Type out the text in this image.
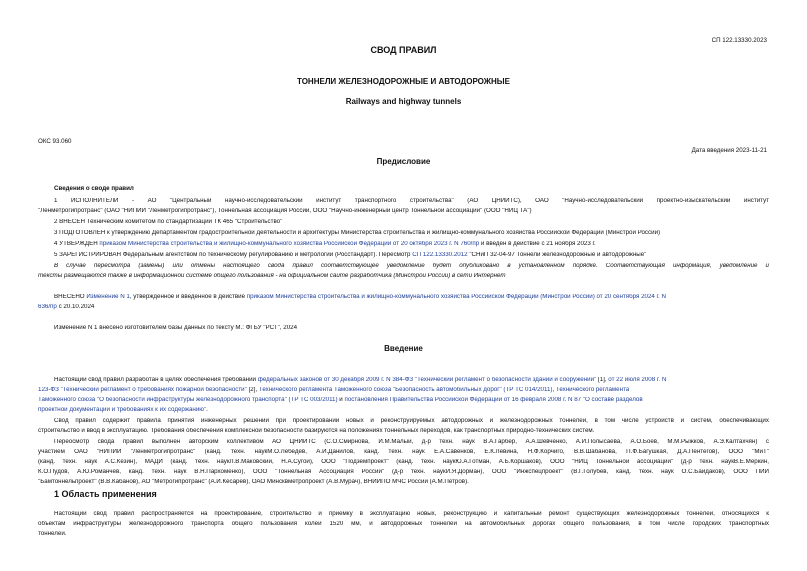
СП 122.13330.2023
СВОД ПРАВИЛ
ТОННЕЛИ ЖЕЛЕЗНОДОРОЖНЫЕ И АВТОДОРОЖНЫЕ
Railways and highway tunnels
ОКС 93.060
Дата введения 2023-11-21
Предисловие
Сведения о своде правил
1 ИСПОЛНИТЕЛИ - АО "Центральный научно-исследовательский институт транспортного строительства" (АО ЦНИИТС), ОАО "Научно-исследовательский проектно-изыскательский институт
"Ленметрогипротранс" (ОАО "НИПИИ "Ленметрогипротранс"), Тоннельная ассоциация России, ООО "Научно-инженерный центр Тоннельной ассоциации" (ООО "НИЦ ТА")
2 ВНЕСЕН Техническим комитетом по стандартизации ТК 465 "Строительство"
3 ПОДГОТОВЛЕН к утверждению Департаментом градостроительной деятельности и архитектуры Министерства строительства и жилищно-коммунального хозяйства Российской Федерации (Минстрой России)
4 УТВЕРЖДЕН приказом Министерства строительства и жилищно-коммунального хозяйства Российской Федерации от 20 октября 2023 г. N 760/пр и введен в действие с 21 ноября 2023 г.
5 ЗАРЕГИСТРИРОВАН Федеральным агентством по техническому регулированию и метрологии (Росстандарт). Пересмотр СП 122.13330.2012 "СНиП 32-04-97 Тоннели железнодорожные и автодорожные"
В случае пересмотра (замены) или отмены настоящего свода правил соответствующее уведомление будет опубликовано в установленном порядке. Соответствующая информация, уведомление и
тексты размещаются также в информационной системе общего пользования - на официальном сайте разработчика (Минстрой России) в сети Интернет
ВНЕСЕНО Изменение N 1, утвержденное и введенное в действие приказом Министерства строительства и жилищно-коммунального хозяйства Российской Федерации (Минстрой России) от 20 сентября 2024 г. N
636/пр с 20.10.2024
Изменение N 1 внесено изготовителем базы данных по тексту М.: ФГБУ "РСТ", 2024
Введение
Настоящий свод правил разработан в целях обеспечения требований федеральных законов от 30 декабря 2009 г. N 384-ФЗ "Технический регламент о безопасности зданий и сооружений" [1], от 22 июля 2008 г. N
123-ФЗ "Технический регламент о требованиях пожарной безопасности" [2], Технического регламента Таможенного союза "Безопасность автомобильных дорог" (ТР ТС 014/2011), Технического регламента
Таможенного союза "О безопасности инфраструктуры железнодорожного транспорта" (ТР ТС 003/2011) и постановления Правительства Российской Федерации от 16 февраля 2008 г. N 87 "О составе разделов
проектной документации и требованиях к их содержанию".
Свод правил содержит правила принятия инженерных решений при проектировании новых и реконструируемых автодорожных и железнодорожных тоннелей, в том числе устройств и систем, обеспечивающих
строительство и ввод в эксплуатацию. Требования обеспечения комплексной безопасности базируются на положениях тоннельных переходов, как транспортных природно-технических систем.
Переосмотр свода правил выполнен авторским коллективом АО ЦНИИТС (С.О.Смирнова, И.М.Малый, д-р техн. наук В.А.Гарбер, А.А.Шевченко, А.И.Полысаева, А.О.Боев, М.М.Рыжков, А.Э.Калтахчян) с
участием ОАО "НИПИИ "Ленметрогипротранс" (канд. техн. наукМ.О.Лебедев, А.И.Данилов, канд. техн. наук Е.А.Савенков, Е.К.Левина, Н.Ф.Корчиго, В.В.Шабанова, П.Ф.Багушкая, Д.А.Пентегов), ООО "МиТ"
(канд. техн. наук А.С.Кезин), МАДИ (канд. техн. наукЛ.В.Маковский, Н.А.Сугой), ООО "Подземпроект" (канд. техн. наукЮ.А.Готман, А.Б.Коршаков), ООО "НИЦ Тоннельной ассоциации" (д-р техн. наукВ.Е.Меркин,
К.О.Пудов, А.Ю.Романчев, канд. техн. наук В.Н.Пархоменко), ООО "Тоннельная Ассоциация России" (д-р техн. наукИ.Я.Дорман), ООО "Инжспецпроект" (В.Г.Голубев, канд. техн. наук О.С.Байдаков), ООО ПИИ
"Бамтоннельпроект" (В.В.Кабанов), АО "Метрогипротранс" (А.И.Кесарев), ОАО Минсквметропроект (А.В.Мурач), ВНИИПО МЧС России (А.М.Петров).
1 Область применения
Настоящий свод правил распространяется на проектирование, строительство и приемку в эксплуатацию новых, реконструкцию и капитальный ремонт существующих железнодорожных тоннелей, относящихся к
объектам инфраструктуры железнодорожного транспорта общего пользования колеи 1520 мм, и автодорожных тоннелей на автомобильных дорогах общего пользования, в том числе городских транспортных
тоннелей.
